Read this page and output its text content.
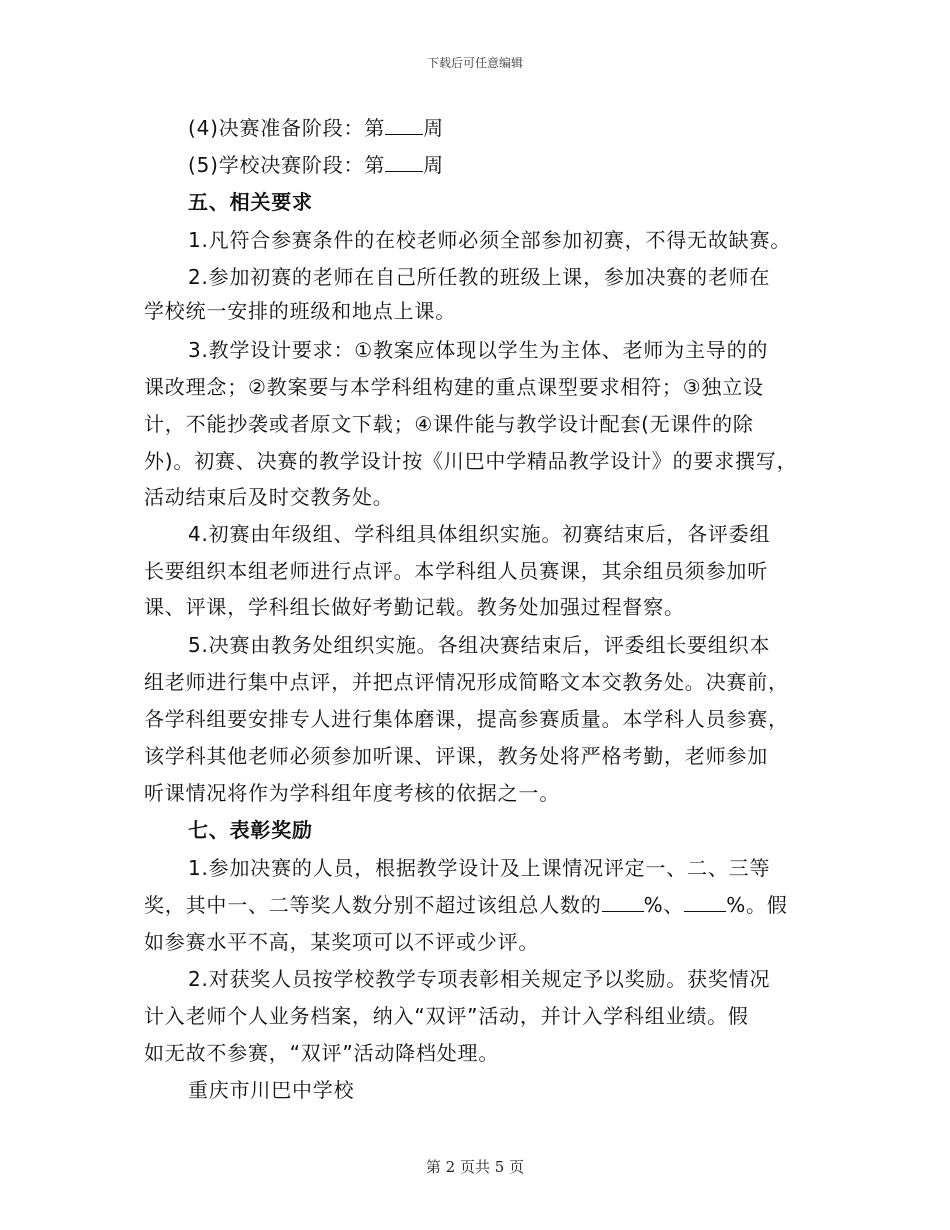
下载后可任意编辑
(4)决赛准备阶段：第 周
(5)学校决赛阶段：第 周
五、相关要求
1.凡符合参赛条件的在校老师必须全部参加初赛，不得无故缺赛。
2.参加初赛的老师在自己所任教的班级上课，参加决赛的老师在
学校统一安排的班级和地点上课。
3.教学设计要求：①教案应体现以学生为主体、老师为主导的的
课改理念；②教案要与本学科组构建的重点课型要求相符；③独立设
计，不能抄袭或者原文下载；④课件能与教学设计配套(无课件的除
外)。初赛、决赛的教学设计按《川巴中学精品教学设计》的要求撰写，
活动结束后及时交教务处。
4.初赛由年级组、学科组具体组织实施。初赛结束后，各评委组
长要组织本组老师进行点评。本学科组人员赛课，其余组员须参加听
课、评课，学科组长做好考勤记载。教务处加强过程督察。
5.决赛由教务处组织实施。各组决赛结束后，评委组长要组织本
组老师进行集中点评，并把点评情况形成简略文本交教务处。决赛前，
各学科组要安排专人进行集体磨课，提高参赛质量。本学科人员参赛，
该学科其他老师必须参加听课、评课，教务处将严格考勤，老师参加
听课情况将作为学科组年度考核的依据之一。
七、表彰奖励
1.参加决赛的人员，根据教学设计及上课情况评定一、二、三等
奖，其中一、二等奖人数分别不超过该组总人数的 %、 %。假
如参赛水平不高，某奖项可以不评或少评。
2.对获奖人员按学校教学专项表彰相关规定予以奖励。获奖情况
计入老师个人业务档案，纳入“双评”活动，并计入学科组业绩。假
如无故不参赛，“双评”活动降档处理。
重庆市川巴中学校
第 2 页共 5 页
